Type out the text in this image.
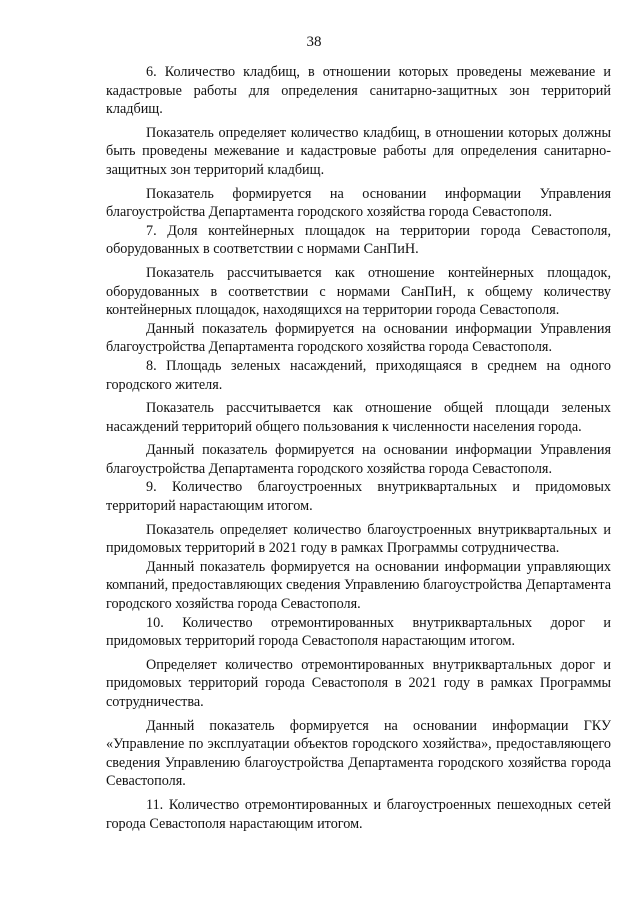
38

6. Количество кладбищ, в отношении которых проведены межевание и кадастровые работы для определения санитарно-защитных зон территорий кладбищ.

Показатель определяет количество кладбищ, в отношении которых должны быть проведены межевание и кадастровые работы для определения санитарно-защитных зон территорий кладбищ.

Показатель формируется на основании информации Управления благоустройства Департамента городского хозяйства города Севастополя.

7. Доля контейнерных площадок на территории города Севастополя, оборудованных в соответствии с нормами СанПиН.

Показатель рассчитывается как отношение контейнерных площадок, оборудованных в соответствии с нормами СанПиН, к общему количеству контейнерных площадок, находящихся на территории города Севастополя.

Данный показатель формируется на основании информации Управления благоустройства Департамента городского хозяйства города Севастополя.

8. Площадь зеленых насаждений, приходящаяся в среднем на одного городского жителя.

Показатель рассчитывается как отношение общей площади зеленых насаждений территорий общего пользования к численности населения города.

Данный показатель формируется на основании информации Управления благоустройства Департамента городского хозяйства города Севастополя.

9. Количество благоустроенных внутриквартальных и придомовых территорий нарастающим итогом.

Показатель определяет количество благоустроенных внутриквартальных и придомовых территорий в 2021 году в рамках Программы сотрудничества.

Данный показатель формируется на основании информации управляющих компаний, предоставляющих сведения Управлению благоустройства Департамента городского хозяйства города Севастополя.

10. Количество отремонтированных внутриквартальных дорог и придомовых территорий города Севастополя нарастающим итогом.

Определяет количество отремонтированных внутриквартальных дорог и придомовых территорий города Севастополя в 2021 году в рамках Программы сотрудничества.

Данный показатель формируется на основании информации ГКУ «Управление по эксплуатации объектов городского хозяйства», предоставляющего сведения Управлению благоустройства Департамента городского хозяйства города Севастополя.

11. Количество отремонтированных и благоустроенных пешеходных сетей города Севастополя нарастающим итогом.
